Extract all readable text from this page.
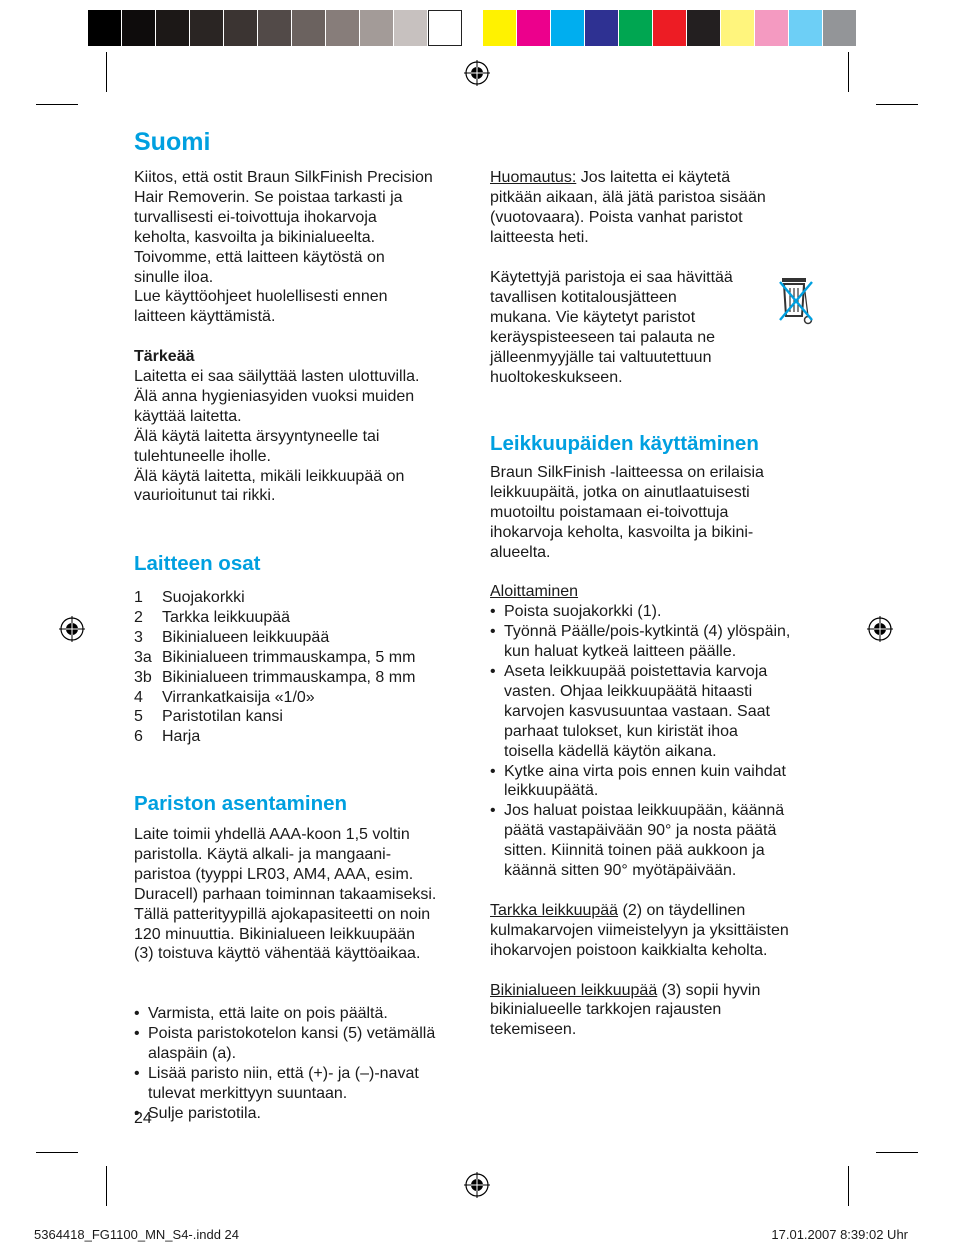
Suomi

Kiitos, että ostit Braun SilkFinish Precision

Hair Removerin. Se poistaa tarkasti ja

turvallisesti ei-toivottuja ihokarvoja

keholta, kasvoilta ja bikinialueelta.

Toivomme, että laitteen käytöstä on

sinulle iloa.

Lue käyttöohjeet huolellisesti ennen

laitteen käyttämistä.

Tärkeää

Laitetta ei saa säilyttää lasten ulottuvilla.

Älä anna hygieniasyiden vuoksi muiden

käyttää laitetta.

Älä käytä laitetta ärsyyntyneelle tai

tulehtuneelle iholle.

Älä käytä laitetta, mikäli leikkuupää on

vaurioitunut tai rikki.

Laitteen osat
1	Suojakorkki
2	Tarkka leikkuupää
3	Bikinialueen leikkuupää
3a Bikinialueen trimmauskampa, 5 mm
3b Bikinialueen trimmauskampa, 8 mm
4	Virrankatkaisija «1/0»
5	Paristotilan kansi
6	Harja
Pariston asentaminen

Laite toimii yhdellä AAA-koon 1,5 voltin

paristolla. Käytä alkali- ja mangaani-

paristoa (tyyppi LR03, AM4, AAA, esim.

Duracell) parhaan toiminnan takaamiseksi.

Tällä patterityypillä ajokapasiteetti on noin

120 minuuttia. Bikinialueen leikkuupään

(3) toistuva käyttö vähentää käyttöaikaa.

• Varmista, että laite on pois päältä.
• Poista paristokotelon kansi (5) vetämällä
alaspäin (a).
• Lisää paristo niin, että (+)- ja (–)-navat
tulevat merkittyyn suuntaan.
• Sulje paristotila.
24

Huomautus: Jos laitetta ei käytetä

pitkään aikaan, älä jätä paristoa sisään

(vuotovaara). Poista vanhat paristot

laitteesta heti.

Käytettyjä paristoja ei saa hävittää

tavallisen kotitalousjätteen

mukana. Vie käytetyt paristot

keräyspisteeseen tai palauta ne

jälleenmyyjälle tai valtuutettuun

huoltokeskukseen.

Leikkuupäiden käyttäminen

Braun SilkFinish -laitteessa on erilaisia

leikkuupäitä, jotka on ainutlaatuisesti

muotoiltu poistamaan ei-toivottuja

ihokarvoja keholta, kasvoilta ja bikini-

alueelta.

Aloittaminen

• Poista suojakorkki (1).
• Työnnä Päälle/pois-kytkintä (4) ylöspäin,
kun haluat kytkeä laitteen päälle.
• Aseta leikkuupää poistettavia karvoja
vasten. Ohjaa leikkuupäätä hitaasti
karvojen kasvusuuntaa vastaan. Saat
parhaat tulokset, kun kiristät ihoa
toisella kädellä käytön aikana.
• Kytke aina virta pois ennen kuin vaihdat
leikkuupäätä.
• Jos haluat poistaa leikkuupään, käännä
päätä vastapäivään 90° ja nosta päätä
sitten. Kiinnitä toinen pää aukkoon ja
käännä sitten 90° myötäpäivään.

Tarkka leikkuupää (2) on täydellinen

kulmakarvojen viimeistelyyn ja yksittäisten

ihokarvojen poistoon kaikkialta keholta.

Bikinialueen leikkuupää (3) sopii hyvin

bikinialueelle tarkkojen rajausten

tekemiseen.

5364418_FG1100_MN_S4-.indd 24	17.01.2007 8:39:02 Uhr
